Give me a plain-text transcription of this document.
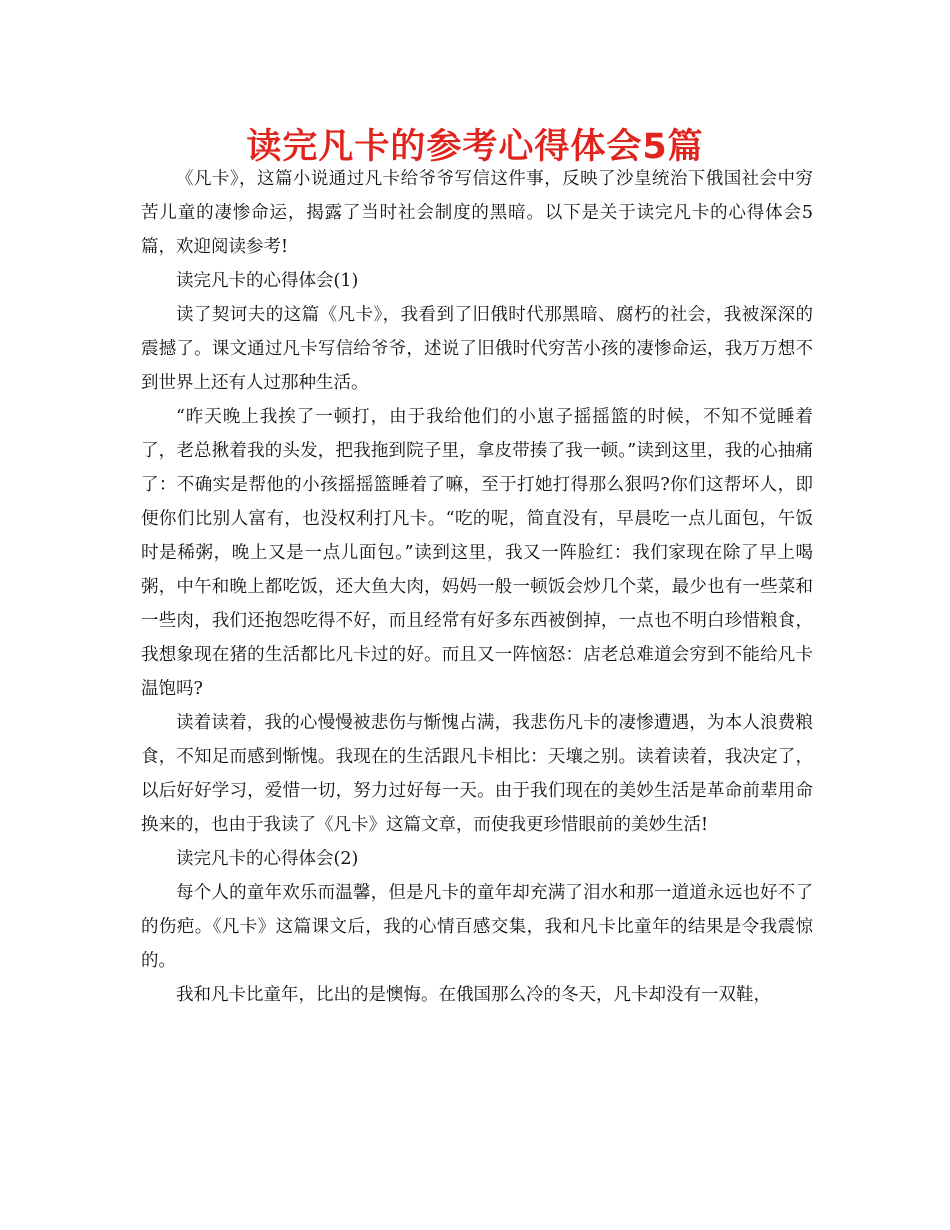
读完凡卡的参考心得体会5篇

《凡卡》，这篇小说通过凡卡给爷爷写信这件事，反映了沙皇统治下俄国社会中穷苦儿童的凄惨命运，揭露了当时社会制度的黑暗。以下是关于读完凡卡的心得体会5篇，欢迎阅读参考!

读完凡卡的心得体会(1)

读了契诃夫的这篇《凡卡》，我看到了旧俄时代那黑暗、腐朽的社会，我被深深的震撼了。课文通过凡卡写信给爷爷，述说了旧俄时代穷苦小孩的凄惨命运，我万万想不到世界上还有人过那种生活。

“昨天晚上我挨了一顿打，由于我给他们的小崽子摇摇篮的时候，不知不觉睡着了，老总揪着我的头发，把我拖到院子里，拿皮带揍了我一顿。”读到这里，我的心抽痛了：不确实是帮他的小孩摇摇篮睡着了嘛，至于打她打得那么狠吗?你们这帮坏人，即便你们比别人富有，也没权利打凡卡。“吃的呢，简直没有，早晨吃一点儿面包，午饭时是稀粥，晚上又是一点儿面包。”读到这里，我又一阵脸红：我们家现在除了早上喝粥，中午和晚上都吃饭，还大鱼大肉，妈妈一般一顿饭会炒几个菜，最少也有一些菜和一些肉，我们还抱怨吃得不好，而且经常有好多东西被倒掉，一点也不明白珍惜粮食，我想象现在猪的生活都比凡卡过的好。而且又一阵恼怒：店老总难道会穷到不能给凡卡温饱吗?

读着读着，我的心慢慢被悲伤与惭愧占满，我悲伤凡卡的凄惨遭遇，为本人浪费粮食，不知足而感到惭愧。我现在的生活跟凡卡相比：天壤之别。读着读着，我决定了，以后好好学习，爱惜一切，努力过好每一天。由于我们现在的美妙生活是革命前辈用命换来的，也由于我读了《凡卡》这篇文章，而使我更珍惜眼前的美妙生活!

读完凡卡的心得体会(2)

每个人的童年欢乐而温馨，但是凡卡的童年却充满了泪水和那一道道永远也好不了的伤疤。《凡卡》这篇课文后，我的心情百感交集，我和凡卡比童年的结果是令我震惊的。

我和凡卡比童年，比出的是懊悔。在俄国那么冷的冬天，凡卡却没有一双鞋，
